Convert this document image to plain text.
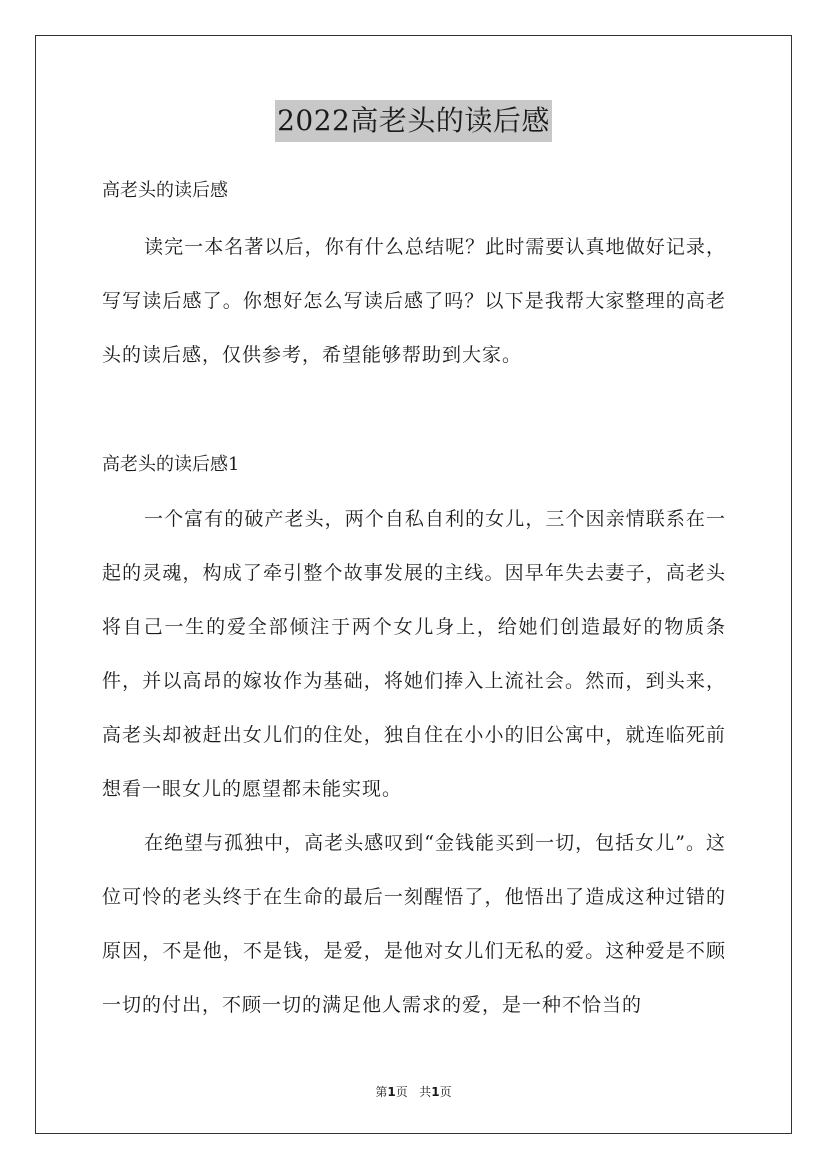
2022高老头的读后感

高老头的读后感

读完一本名著以后，你有什么总结呢？此时需要认真地做好记录，写写读后感了。你想好怎么写读后感了吗？以下是我帮大家整理的高老头的读后感，仅供参考，希望能够帮助到大家。

高老头的读后感1

一个富有的破产老头，两个自私自利的女儿，三个因亲情联系在一起的灵魂，构成了牵引整个故事发展的主线。因早年失去妻子，高老头将自己一生的爱全部倾注于两个女儿身上，给她们创造最好的物质条件，并以高昂的嫁妆作为基础，将她们捧入上流社会。然而，到头来，高老头却被赶出女儿们的住处，独自住在小小的旧公寓中，就连临死前想看一眼女儿的愿望都未能实现。

在绝望与孤独中，高老头感叹到“金钱能买到一切，包括女儿”。这位可怜的老头终于在生命的最后一刻醒悟了，他悟出了造成这种过错的原因，不是他，不是钱，是爱，是他对女儿们无私的爱。这种爱是不顾一切的付出，不顾一切的满足他人需求的爱，是一种不恰当的

第1页 共1页
